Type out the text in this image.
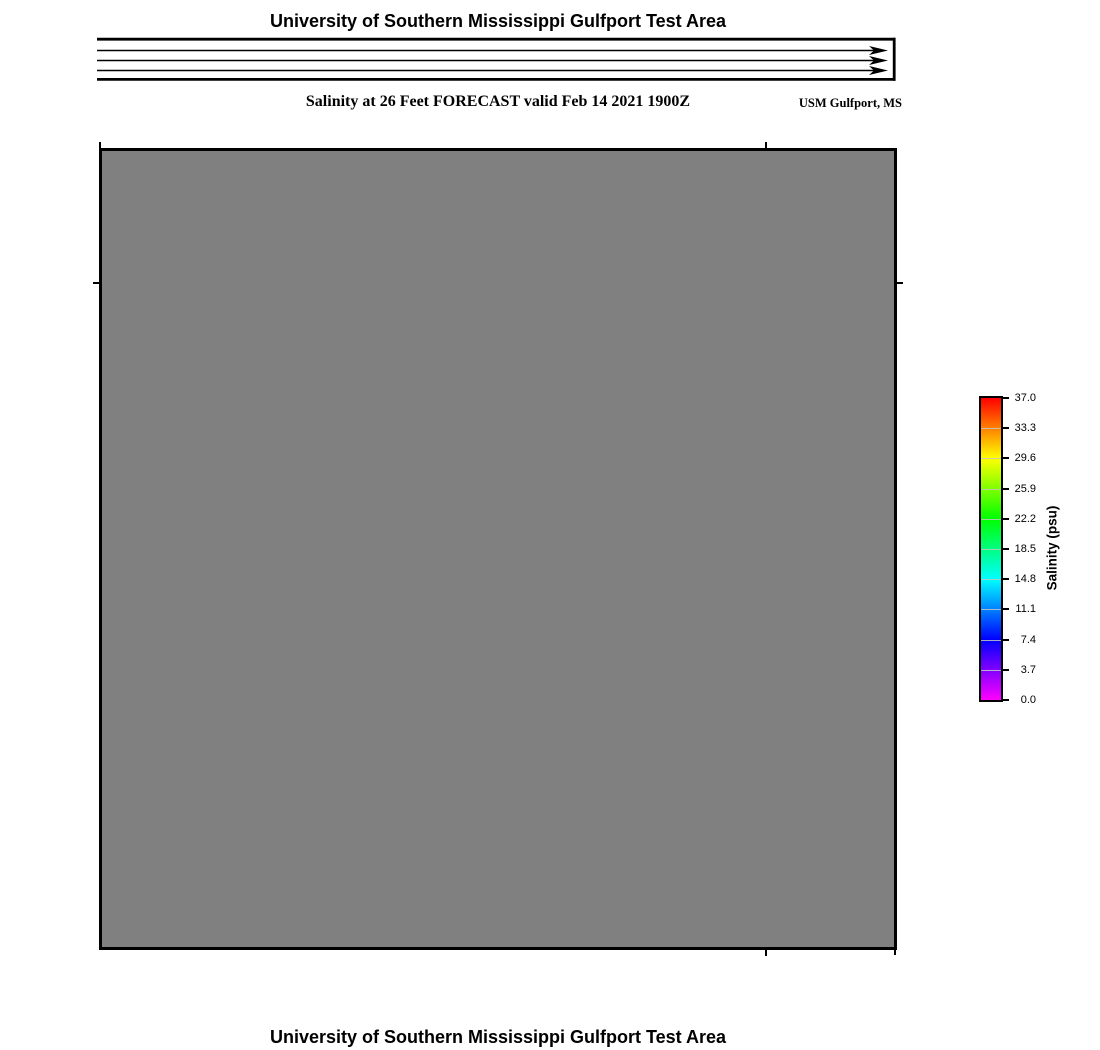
University of Southern Mississippi Gulfport Test Area
Salinity at 26 Feet FORECAST valid Feb 14 2021 1900Z	USM Gulfport, MS
37.0
33.3
29.6
25.9
22.2
18.5
14.8
11.1
7.4
3.7
0.0
Salinity (psu)
University of Southern Mississippi Gulfport Test Area
